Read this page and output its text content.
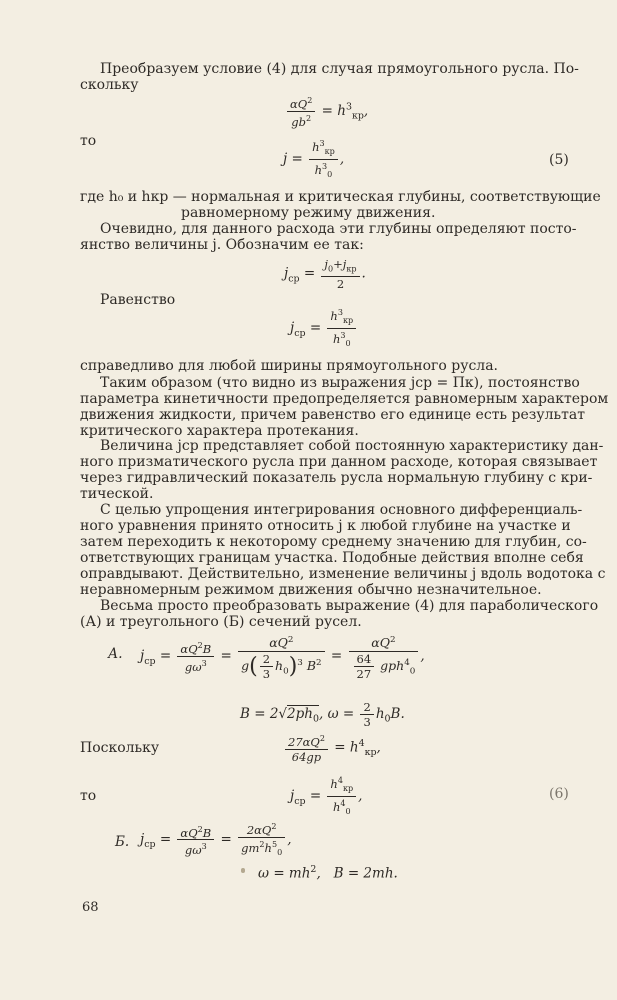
Преобразуем условие (4) для случая прямоугольного русла. По-
скольку
$\frac{\alpha Q^2}{gb^2} = h^3_{кр}$,
то
$j = \frac{h^3_{кр}}{h^3_0}$ ,	(5)
где h₀ и hкр — нормальная и критическая глубины, соответствующие
равномерному режиму движения.
Очевидно, для данного расхода эти глубины определяют посто-
янство величины j. Обозначим ее так:
$j_{ср} = \frac{j_0+j_{кр}}{2}$ .
Равенство
$j_{ср} = \frac{h^3_{кр}}{h^3_0}$
справедливо для любой ширины прямоугольного русла.
Таким образом (что видно из выражения jср = Пк), постоянство
параметра кинетичности предопределяется равномерным характером
движения жидкости, причем равенство его единице есть результат
критического характера протекания.
Величина jср представляет собой постоянную характеристику дан-
ного призматического русла при данном расходе, которая связывает
через гидравлический показатель русла нормальную глубину с кри-
тической.
С целью упрощения интегрирования основного дифференциаль-
ного уравнения принято относить j к любой глубине на участке и
затем переходить к некоторому среднему значению для глубин, со-
ответствующих границам участка. Подобные действия вполне себя
оправдывают. Действительно, изменение величины j вдоль водотока с
неравномерным режимом движения обычно незначительное.
Весьма просто преобразовать выражение (4) для параболического
(А) и треугольного (Б) сечений русел.
А. $j_{ср} = \frac{\alpha Q^2B}{g\omega^3} = \frac{\alpha Q^2}{g( \frac{2}{3} h_0)^3 B^2} = \frac{\alpha Q^2}{\frac{64}{27} gph^4_0}$ ,
$B = 2√2ph_0$, $\omega = \frac{2}{3} h_0B$.
Поскольку	$\frac{27\alpha Q^2}{64gp} = h^4_{кр}$,
то	$j_{ср} = \frac{h^4_{кр}}{h^4_0}$ ,	(6)
Б. $j_{ср} = \frac{\alpha Q^2B}{g\omega^3} = \frac{2\alpha Q^2}{gm^2h^5_0}$ ,
$\omega = mh^2$,   B = 2mh.
68
